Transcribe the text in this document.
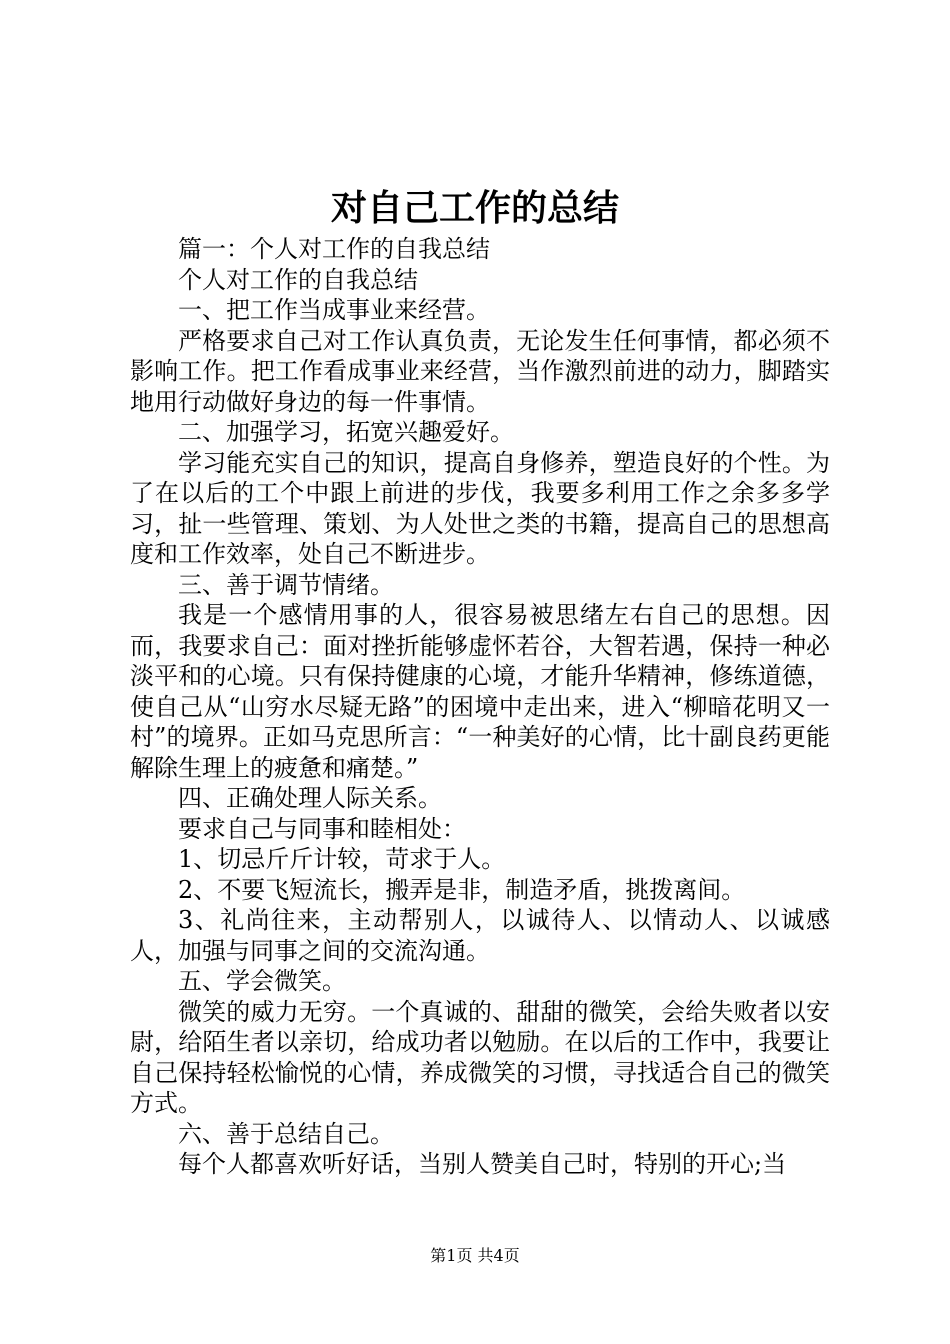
对自己工作的总结

篇一：个人对工作的自我总结

个人对工作的自我总结

一、把工作当成事业来经营。

严格要求自己对工作认真负责，无论发生任何事情，都必须不影响工作。把工作看成事业来经营，当作激烈前进的动力，脚踏实地用行动做好身边的每一件事情。

二、加强学习，拓宽兴趣爱好。

学习能充实自己的知识，提高自身修养，塑造良好的个性。为了在以后的工个中跟上前进的步伐，我要多利用工作之余多多学习，扯一些管理、策划、为人处世之类的书籍，提高自己的思想高度和工作效率，处自己不断进步。

三、善于调节情绪。

我是一个感情用事的人，很容易被思绪左右自己的思想。因而，我要求自己：面对挫折能够虚怀若谷，大智若遇，保持一种必淡平和的心境。只有保持健康的心境，才能升华精神，修练道德，使自己从“山穷水尽疑无路”的困境中走出来，进入“柳暗花明又一村”的境界。正如马克思所言：“一种美好的心情，比十副良药更能解除生理上的疲惫和痛楚。”

四、正确处理人际关系。

要求自己与同事和睦相处：

1、切忌斤斤计较，苛求于人。

2、不要飞短流长，搬弄是非，制造矛盾，挑拨离间。

3、礼尚往来，主动帮别人，以诚待人、以情动人、以诚感人，加强与同事之间的交流沟通。

五、学会微笑。

微笑的威力无穷。一个真诚的、甜甜的微笑，会给失败者以安尉，给陌生者以亲切，给成功者以勉励。在以后的工作中，我要让自己保持轻松愉悦的心情，养成微笑的习惯，寻找适合自己的微笑方式。

六、善于总结自己。

每个人都喜欢听好话，当别人赞美自己时，特别的开心;当

第1页 共4页
